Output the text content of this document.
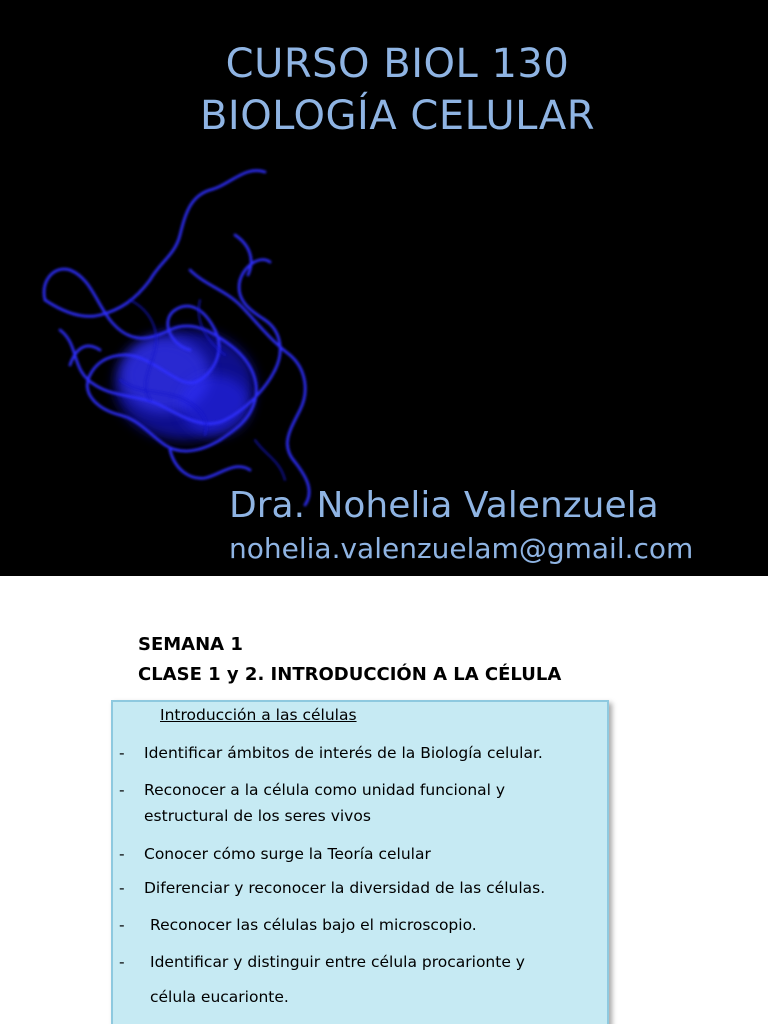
CURSO BIOL 130
BIOLOGÍA CELULAR
Dra. Nohelia Valenzuela
nohelia.valenzuelam@gmail.com
SEMANA 1
CLASE 1 y 2. INTRODUCCIÓN A LA CÉLULA
Introducción a las células
- Identificar ámbitos de interés de la Biología celular.
- Reconocer a la célula como unidad funcional y
estructural de los seres vivos
- Conocer cómo surge la Teoría celular
- Diferenciar y reconocer la diversidad de las células.
- Reconocer las células bajo el microscopio.
- Identificar y distinguir entre célula procarionte y
célula eucarionte.
